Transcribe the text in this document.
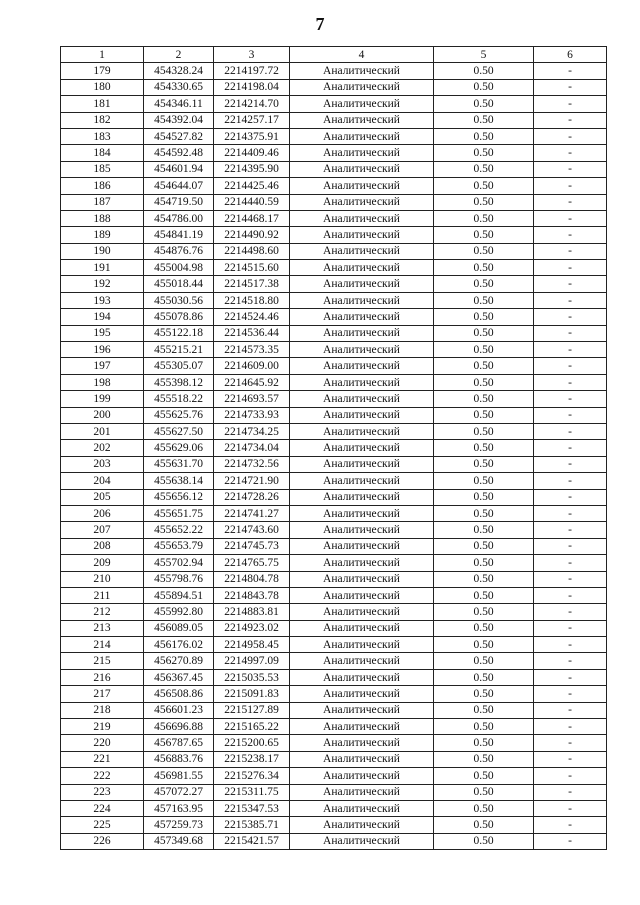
7
1	2	3	4	5	6
179	454328.24	2214197.72	Аналитический	0.50	-
180	454330.65	2214198.04	Аналитический	0.50	-
181	454346.11	2214214.70	Аналитический	0.50	-
182	454392.04	2214257.17	Аналитический	0.50	-
183	454527.82	2214375.91	Аналитический	0.50	-
184	454592.48	2214409.46	Аналитический	0.50	-
185	454601.94	2214395.90	Аналитический	0.50	-
186	454644.07	2214425.46	Аналитический	0.50	-
187	454719.50	2214440.59	Аналитический	0.50	-
188	454786.00	2214468.17	Аналитический	0.50	-
189	454841.19	2214490.92	Аналитический	0.50	-
190	454876.76	2214498.60	Аналитический	0.50	-
191	455004.98	2214515.60	Аналитический	0.50	-
192	455018.44	2214517.38	Аналитический	0.50	-
193	455030.56	2214518.80	Аналитический	0.50	-
194	455078.86	2214524.46	Аналитический	0.50	-
195	455122.18	2214536.44	Аналитический	0.50	-
196	455215.21	2214573.35	Аналитический	0.50	-
197	455305.07	2214609.00	Аналитический	0.50	-
198	455398.12	2214645.92	Аналитический	0.50	-
199	455518.22	2214693.57	Аналитический	0.50	-
200	455625.76	2214733.93	Аналитический	0.50	-
201	455627.50	2214734.25	Аналитический	0.50	-
202	455629.06	2214734.04	Аналитический	0.50	-
203	455631.70	2214732.56	Аналитический	0.50	-
204	455638.14	2214721.90	Аналитический	0.50	-
205	455656.12	2214728.26	Аналитический	0.50	-
206	455651.75	2214741.27	Аналитический	0.50	-
207	455652.22	2214743.60	Аналитический	0.50	-
208	455653.79	2214745.73	Аналитический	0.50	-
209	455702.94	2214765.75	Аналитический	0.50	-
210	455798.76	2214804.78	Аналитический	0.50	-
211	455894.51	2214843.78	Аналитический	0.50	-
212	455992.80	2214883.81	Аналитический	0.50	-
213	456089.05	2214923.02	Аналитический	0.50	-
214	456176.02	2214958.45	Аналитический	0.50	-
215	456270.89	2214997.09	Аналитический	0.50	-
216	456367.45	2215035.53	Аналитический	0.50	-
217	456508.86	2215091.83	Аналитический	0.50	-
218	456601.23	2215127.89	Аналитический	0.50	-
219	456696.88	2215165.22	Аналитический	0.50	-
220	456787.65	2215200.65	Аналитический	0.50	-
221	456883.76	2215238.17	Аналитический	0.50	-
222	456981.55	2215276.34	Аналитический	0.50	-
223	457072.27	2215311.75	Аналитический	0.50	-
224	457163.95	2215347.53	Аналитический	0.50	-
225	457259.73	2215385.71	Аналитический	0.50	-
226	457349.68	2215421.57	Аналитический	0.50	-
